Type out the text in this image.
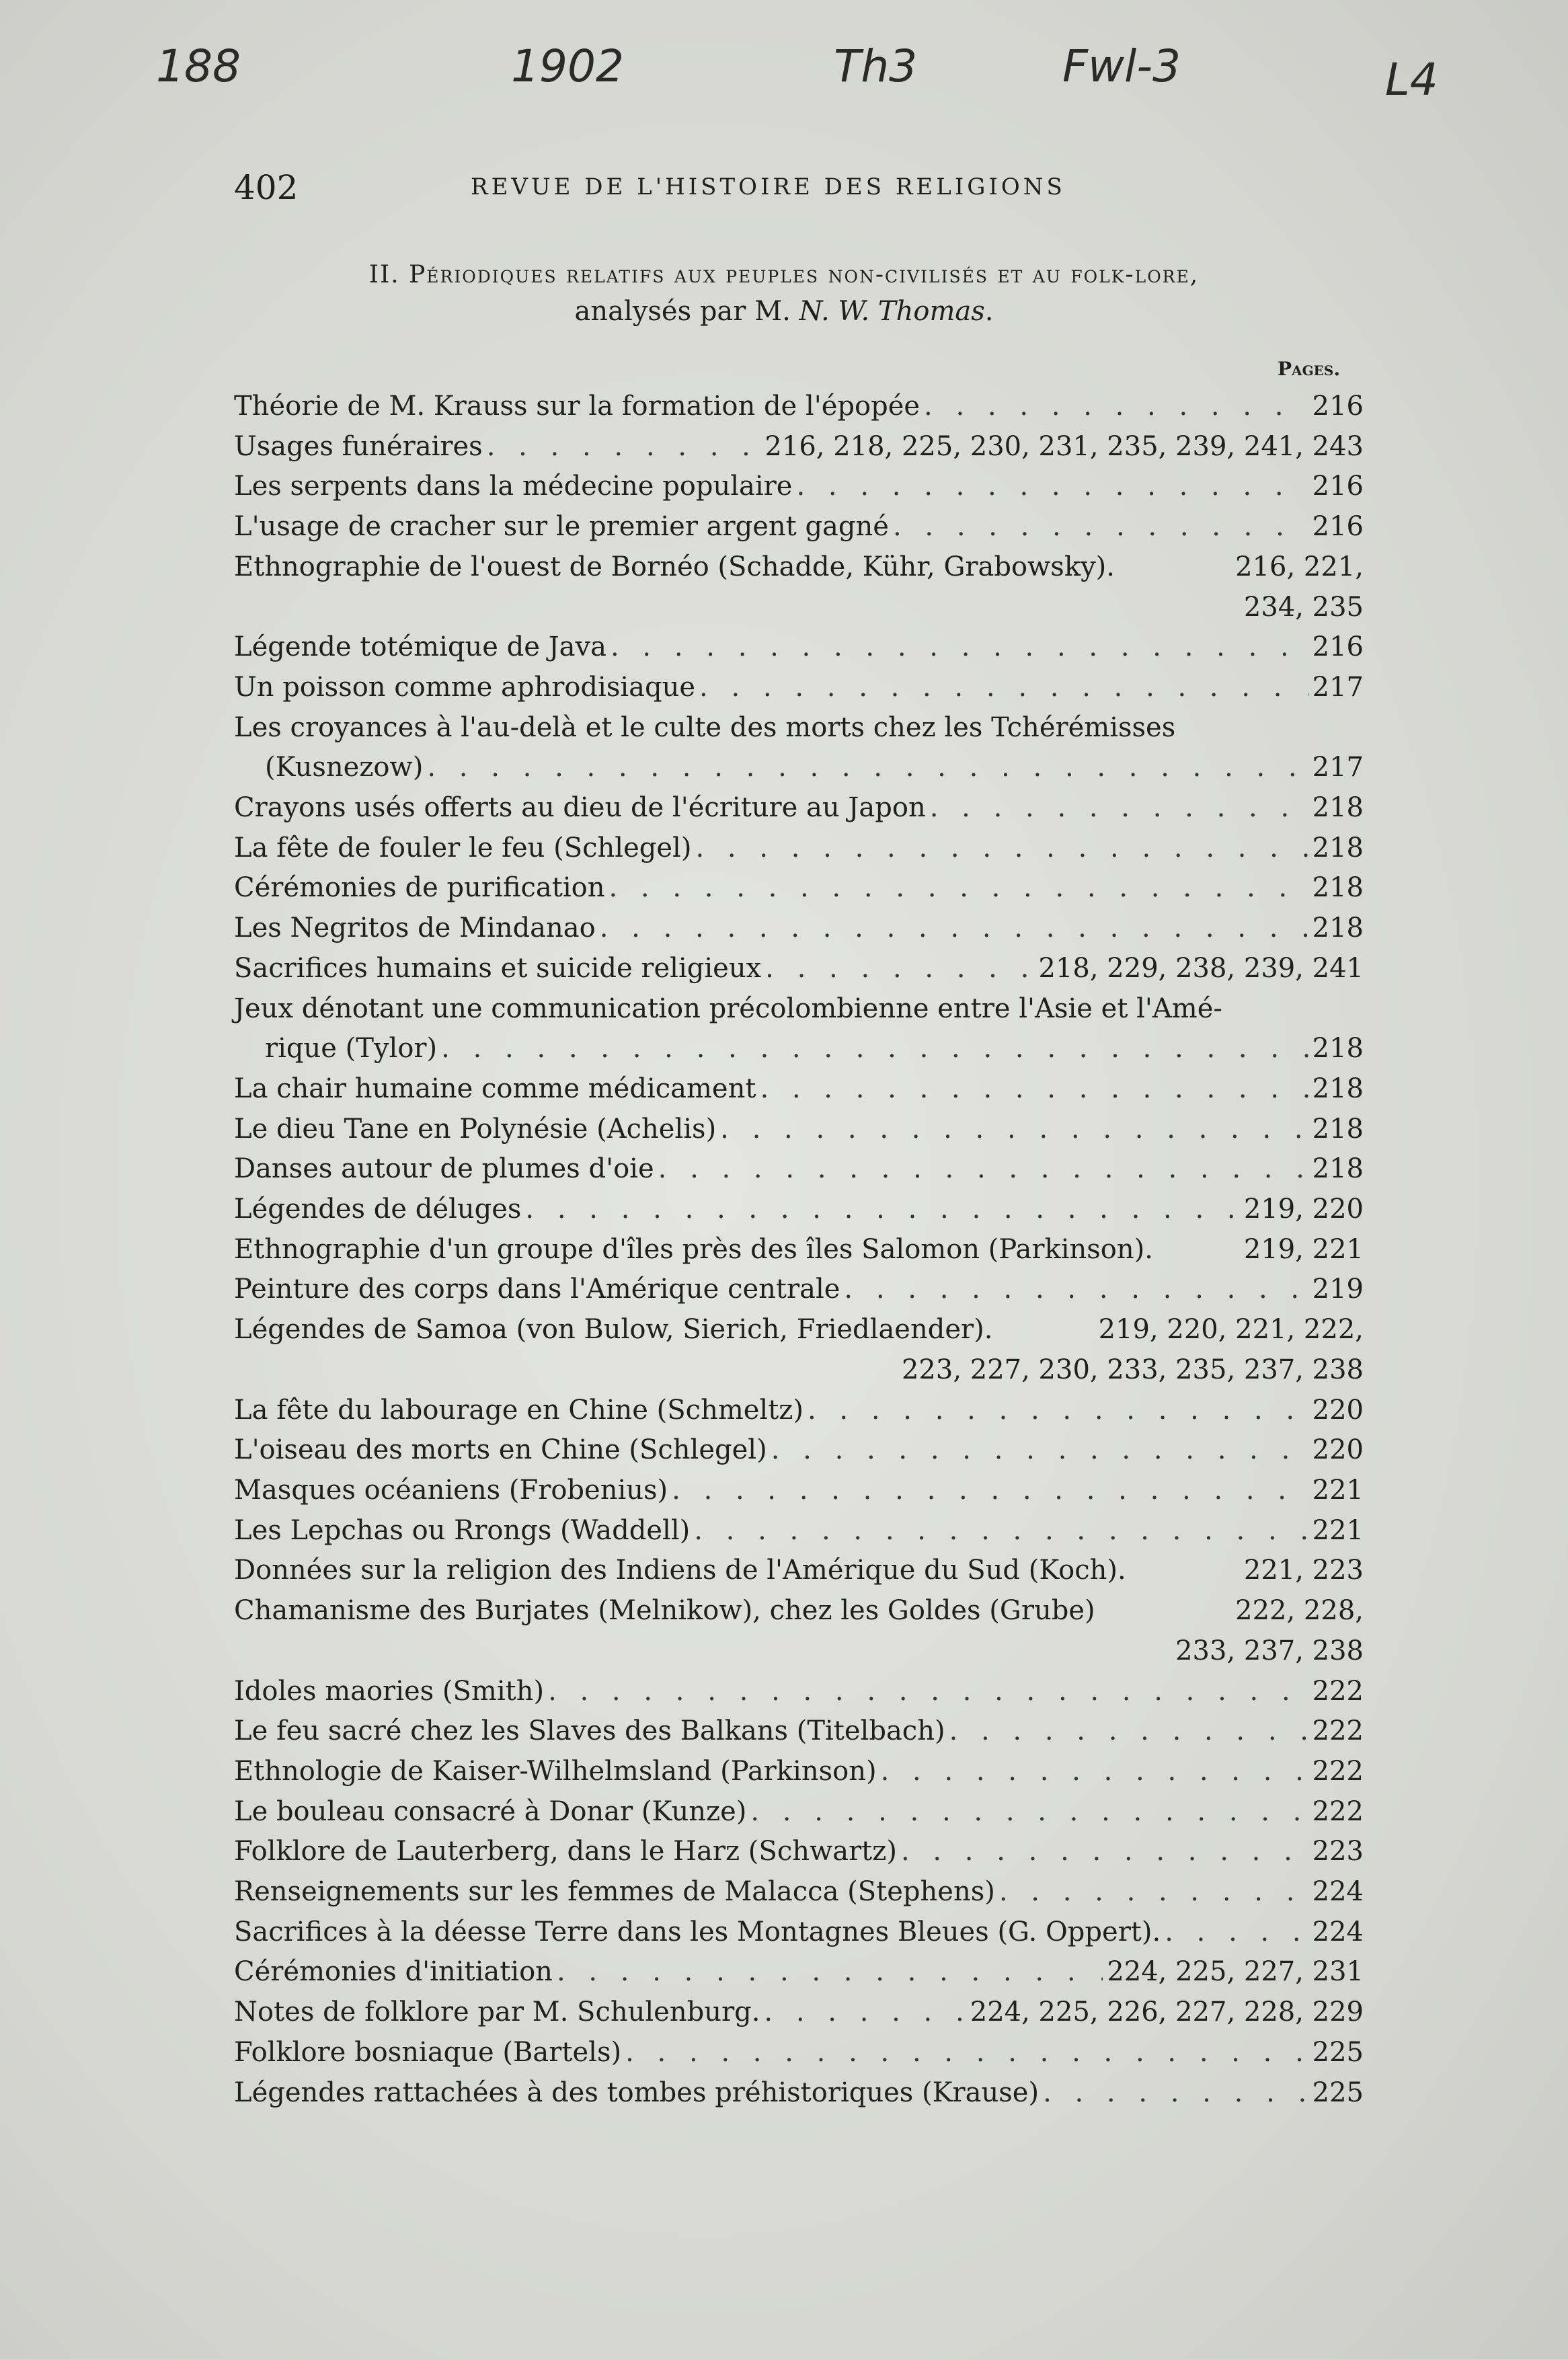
188	1902	Th3	Fwl-3	L4
402	REVUE DE L'HISTOIRE DES RELIGIONS
II. Périodiques relatifs aux peuples non-civilisés et au folk-lore,
analysés par M. N. W. Thomas.
Pages.
Théorie de M. Krauss sur la formation de l'épopée . . .	216
Usages funéraires . . .	216, 218, 225, 230, 231, 235, 239, 241, 243
Les serpents dans la médecine populaire . . .	216
L'usage de cracher sur le premier argent gagné . . .	216
Ethnographie de l'ouest de Bornéo (Schadde, Kühr, Grabowsky).	216, 221,
234, 235
Légende totémique de Java . . .	216
Un poisson comme aphrodisiaque . . .	217
Les croyances à l'au-delà et le culte des morts chez les Tchérémisses
(Kusnezow) . . .	217
Crayons usés offerts au dieu de l'écriture au Japon . . .	218
La fête de fouler le feu (Schlegel) . . .	218
Cérémonies de purification . . .	218
Les Negritos de Mindanao . . .	218
Sacrifices humains et suicide religieux . . .	218, 229, 238, 239, 241
Jeux dénotant une communication précolombienne entre l'Asie et l'Amé-
rique (Tylor) . . .	218
La chair humaine comme médicament . . .	218
Le dieu Tane en Polynésie (Achelis) . . .	218
Danses autour de plumes d'oie . . .	218
Légendes de déluges . . .	219, 220
Ethnographie d'un groupe d'îles près des îles Salomon (Parkinson).	219, 221
Peinture des corps dans l'Amérique centrale . . .	219
Légendes de Samoa (von Bulow, Sierich, Friedlaender).	219, 220, 221, 222,
223, 227, 230, 233, 235, 237, 238
La fête du labourage en Chine (Schmeltz) . . .	220
L'oiseau des morts en Chine (Schlegel) . . .	220
Masques océaniens (Frobenius) . . .	221
Les Lepchas ou Rrongs (Waddell) . . .	221
Données sur la religion des Indiens de l'Amérique du Sud (Koch).	221, 223
Chamanisme des Burjates (Melnikow), chez les Goldes (Grube)	222, 228,
233, 237, 238
Idoles maories (Smith) . . .	222
Le feu sacré chez les Slaves des Balkans (Titelbach) . . .	222
Ethnologie de Kaiser-Wilhelmsland (Parkinson) . . .	222
Le bouleau consacré à Donar (Kunze) . . .	222
Folklore de Lauterberg, dans le Harz (Schwartz) . . .	223
Renseignements sur les femmes de Malacca (Stephens) . . .	224
Sacrifices à la déesse Terre dans les Montagnes Bleues (G. Oppert). . . .	224
Cérémonies d'initiation . . .	224, 225, 227, 231
Notes de folklore par M. Schulenburg. . . .	224, 225, 226, 227, 228, 229
Folklore bosniaque (Bartels) . . .	225
Légendes rattachées à des tombes préhistoriques (Krause) . . .	225
